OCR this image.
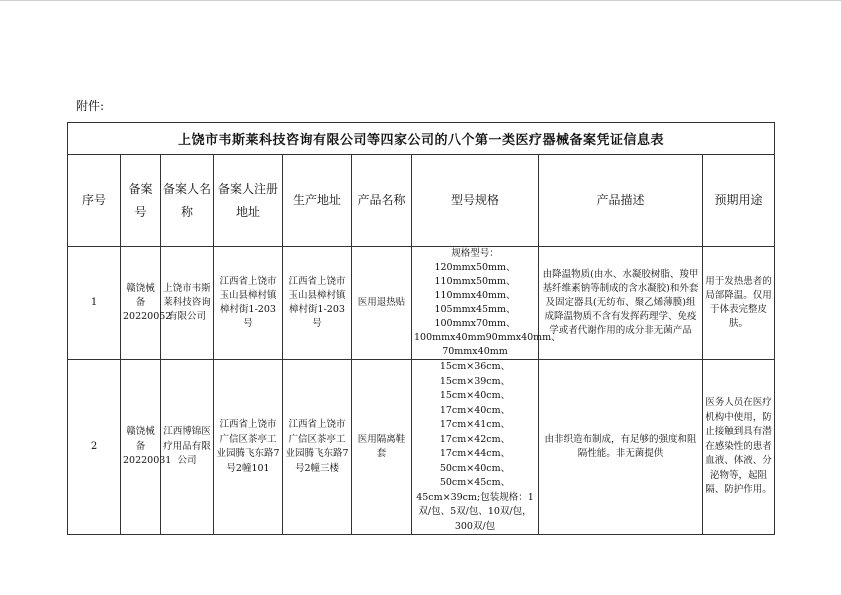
附件:
上饶市韦斯莱科技咨询有限公司等四家公司的八个第一类医疗器械备案凭证信息表								
序号	备案号	备案人名称	备案人注册地址	生产地址	产品名称	型号规格	产品描述	预期用途
1	赣饶械备20220052	上饶市韦斯莱科技咨询有限公司	江西省上饶市玉山县樟村镇樟村街1-203号	江西省上饶市玉山县樟村镇樟村街1-203号	医用退热贴	规格型号：120mmx50mm、110mmx50mm、110mmx40mm、105mmx45mm、100mmx70mm、100mmx40mm90mmx40mm、70mmx40mm	由降温物质(由水、水凝胶树脂、羧甲基纤维素钠等制成的含水凝胶)和外套及固定器具(无纺布、聚乙烯薄膜)组成降温物质不含有发挥药理学、免疫学或者代谢作用的成分非无菌产品	用于发热患者的局部降温。仅用于体表完整皮肤。
2	赣饶械备20220031	江西博锦医疗用品有限公司	江西省上饶市广信区茶亭工业园腾飞东路7号2幢101	江西省上饶市广信区茶亭工业园腾飞东路7号2幢三楼	医用隔离鞋套	15cm×36cm、15cm×39cm、15cm×40cm、17cm×40cm、17cm×41cm、17cm×42cm、17cm×44cm、50cm×40cm、50cm×45cm、45cm×39cm;包装规格：1双/包、5双/包、10双/包，300双/包	由非织造布制成，有足够的强度和阻隔性能。非无菌提供	医务人员在医疗机构中使用，防止接触到具有潜在感染性的患者血液、体液、分泌物等，起阻隔、防护作用。
